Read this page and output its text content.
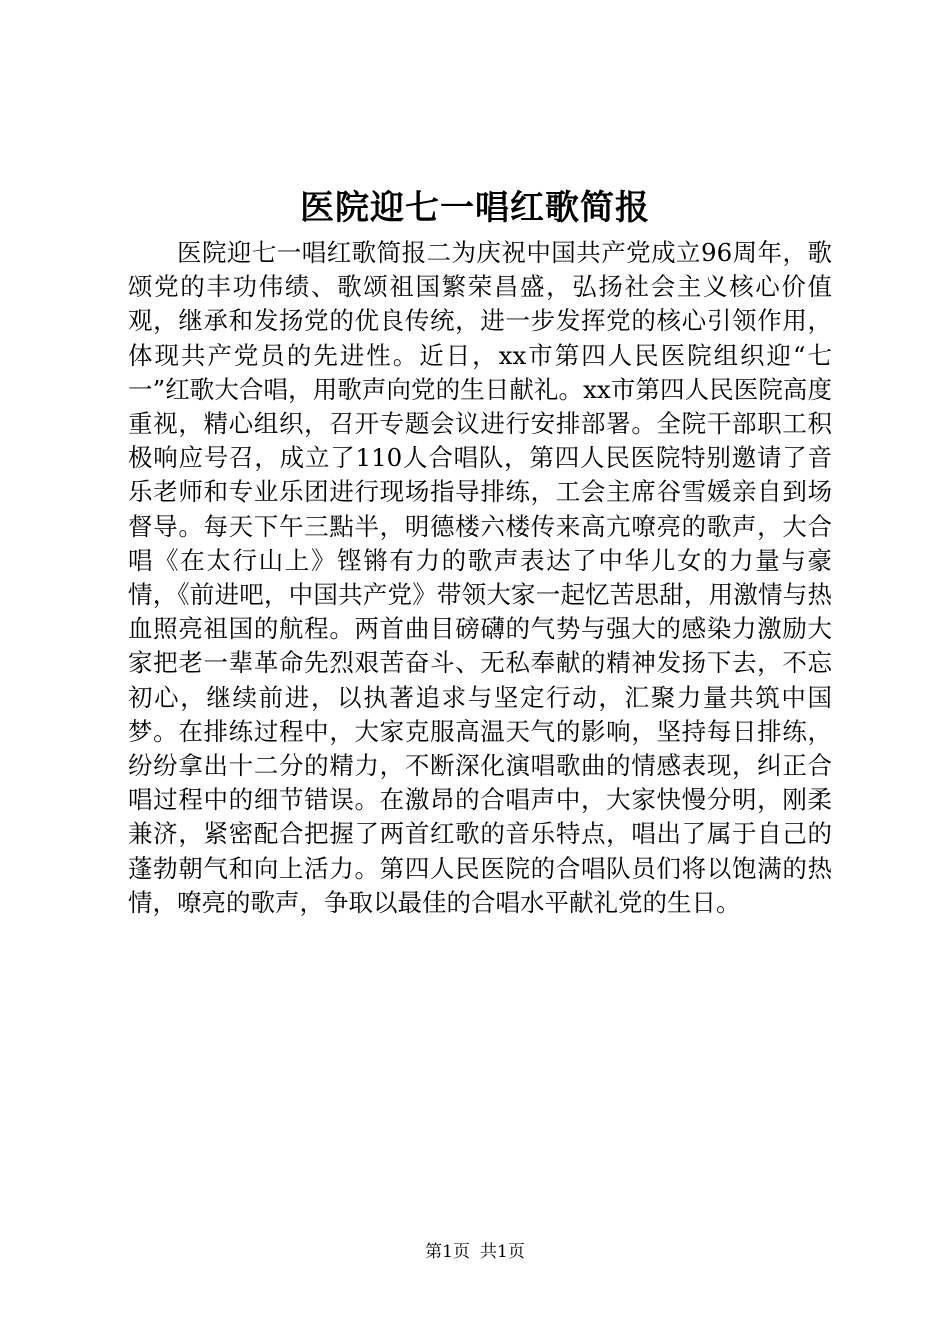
医院迎七一唱红歌简报

医院迎七一唱红歌简报二为庆祝中国共产党成立96周年，歌颂党的丰功伟绩、歌颂祖国繁荣昌盛，弘扬社会主义核心价值观，继承和发扬党的优良传统，进一步发挥党的核心引领作用，体现共产党员的先进性。近日，xx市第四人民医院组织迎“七一”红歌大合唱，用歌声向党的生日献礼。xx市第四人民医院高度重视，精心组织，召开专题会议进行安排部署。全院干部职工积极响应号召，成立了110人合唱队，第四人民医院特别邀请了音乐老师和专业乐团进行现场指导排练，工会主席谷雪媛亲自到场督导。每天下午三點半，明德楼六楼传来高亢嘹亮的歌声，大合唱《在太行山上》铿锵有力的歌声表达了中华儿女的力量与豪情，《前进吧，中国共产党》带领大家一起忆苦思甜，用激情与热血照亮祖国的航程。两首曲目磅礴的气势与强大的感染力激励大家把老一辈革命先烈艰苦奋斗、无私奉献的精神发扬下去，不忘初心，继续前进，以执著追求与坚定行动，汇聚力量共筑中国梦。在排练过程中，大家克服高温天气的影响，坚持每日排练，纷纷拿出十二分的精力，不断深化演唱歌曲的情感表现，纠正合唱过程中的细节错误。在激昂的合唱声中，大家快慢分明，刚柔兼济，紧密配合把握了两首红歌的音乐特点，唱出了属于自己的蓬勃朝气和向上活力。第四人民医院的合唱队员们将以饱满的热情，嘹亮的歌声，争取以最佳的合唱水平献礼党的生日。

第1页 共1页
